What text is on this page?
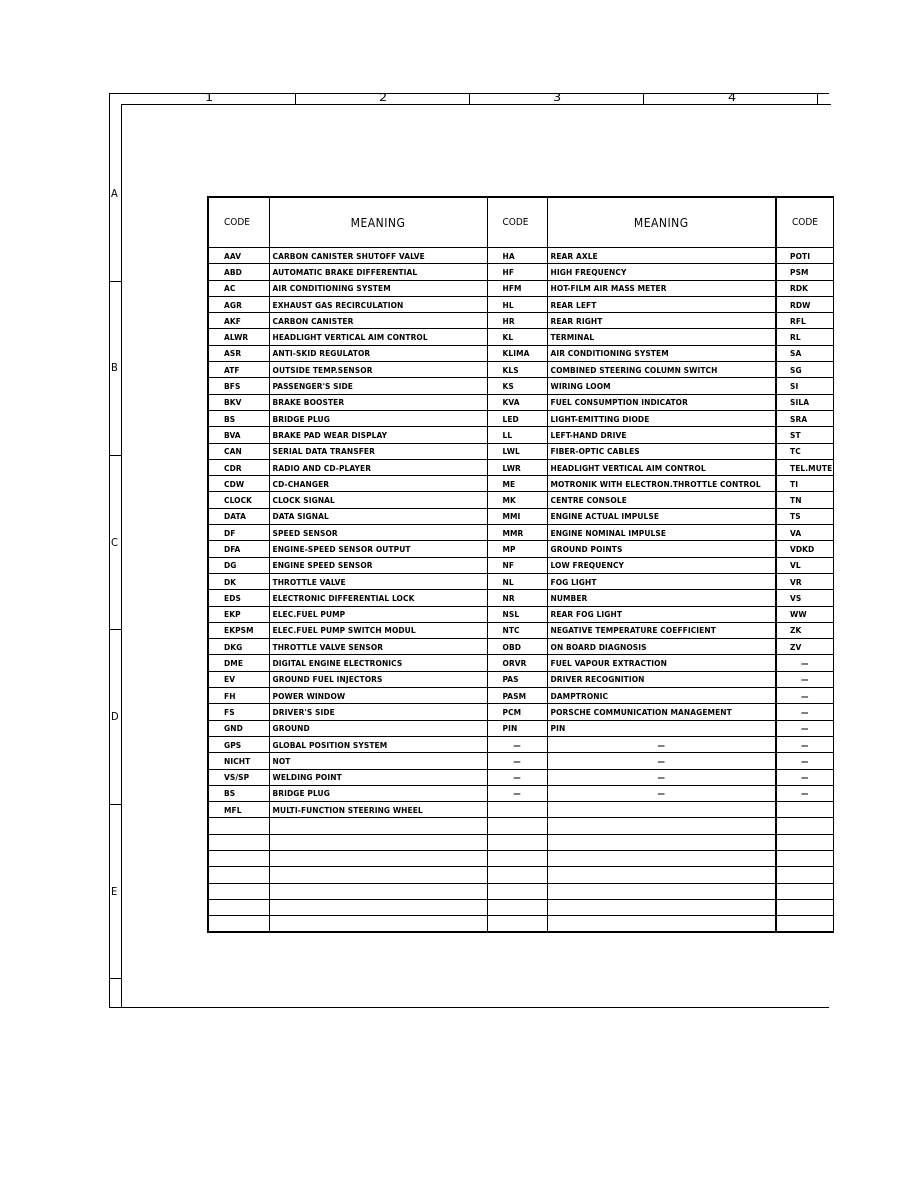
1	2	3	4
A
B
C
D
E
CODE	MEANING	CODE	MEANING	CODE
AAV	CARBON CANISTER SHUTOFF VALVE	HA	REAR AXLE	POTI
ABD	AUTOMATIC BRAKE DIFFERENTIAL	HF	HIGH FREQUENCY	PSM
AC	AIR CONDITIONING SYSTEM	HFM	HOT-FILM AIR MASS METER	RDK
AGR	EXHAUST GAS RECIRCULATION	HL	REAR LEFT	RDW
AKF	CARBON CANISTER	HR	REAR RIGHT	RFL
ALWR	HEADLIGHT VERTICAL AIM CONTROL	KL	TERMINAL	RL
ASR	ANTI-SKID REGULATOR	KLIMA	AIR CONDITIONING SYSTEM	SA
ATF	OUTSIDE TEMP.SENSOR	KLS	COMBINED STEERING COLUMN SWITCH	SG
BFS	PASSENGER'S SIDE	KS	WIRING LOOM	SI
BKV	BRAKE BOOSTER	KVA	FUEL CONSUMPTION INDICATOR	SILA
BS	BRIDGE PLUG	LED	LIGHT-EMITTING DIODE	SRA
BVA	BRAKE PAD WEAR DISPLAY	LL	LEFT-HAND DRIVE	ST
CAN	SERIAL DATA TRANSFER	LWL	FIBER-OPTIC CABLES	TC
CDR	RADIO AND CD-PLAYER	LWR	HEADLIGHT VERTICAL AIM CONTROL	TEL.MUTE
CDW	CD-CHANGER	ME	MOTRONIK WITH ELECTRON.THROTTLE CONTROL	TI
CLOCK	CLOCK SIGNAL	MK	CENTRE CONSOLE	TN
DATA	DATA SIGNAL	MMI	ENGINE ACTUAL IMPULSE	TS
DF	SPEED SENSOR	MMR	ENGINE NOMINAL IMPULSE	VA
DFA	ENGINE-SPEED SENSOR OUTPUT	MP	GROUND POINTS	VDKD
DG	ENGINE SPEED SENSOR	NF	LOW FREQUENCY	VL
DK	THROTTLE VALVE	NL	FOG LIGHT	VR
EDS	ELECTRONIC DIFFERENTIAL LOCK	NR	NUMBER	VS
EKP	ELEC.FUEL PUMP	NSL	REAR FOG LIGHT	WW
EKPSM	ELEC.FUEL PUMP SWITCH MODUL	NTC	NEGATIVE TEMPERATURE COEFFICIENT	ZK
DKG	THROTTLE VALVE SENSOR	OBD	ON BOARD DIAGNOSIS	ZV
DME	DIGITAL ENGINE ELECTRONICS	ORVR	FUEL VAPOUR EXTRACTION	—
EV	GROUND FUEL INJECTORS	PAS	DRIVER RECOGNITION	—
FH	POWER WINDOW	PASM	DAMPTRONIC	—
FS	DRIVER'S SIDE	PCM	PORSCHE COMMUNICATION MANAGEMENT	—
GND	GROUND	PIN	PIN	—
GPS	GLOBAL POSITION SYSTEM	—	—	—
NICHT	NOT	—	—	—
VS/SP	WELDING POINT	—	—	—
BS	BRIDGE PLUG	—	—	—
MFL	MULTI-FUNCTION STEERING WHEEL			
